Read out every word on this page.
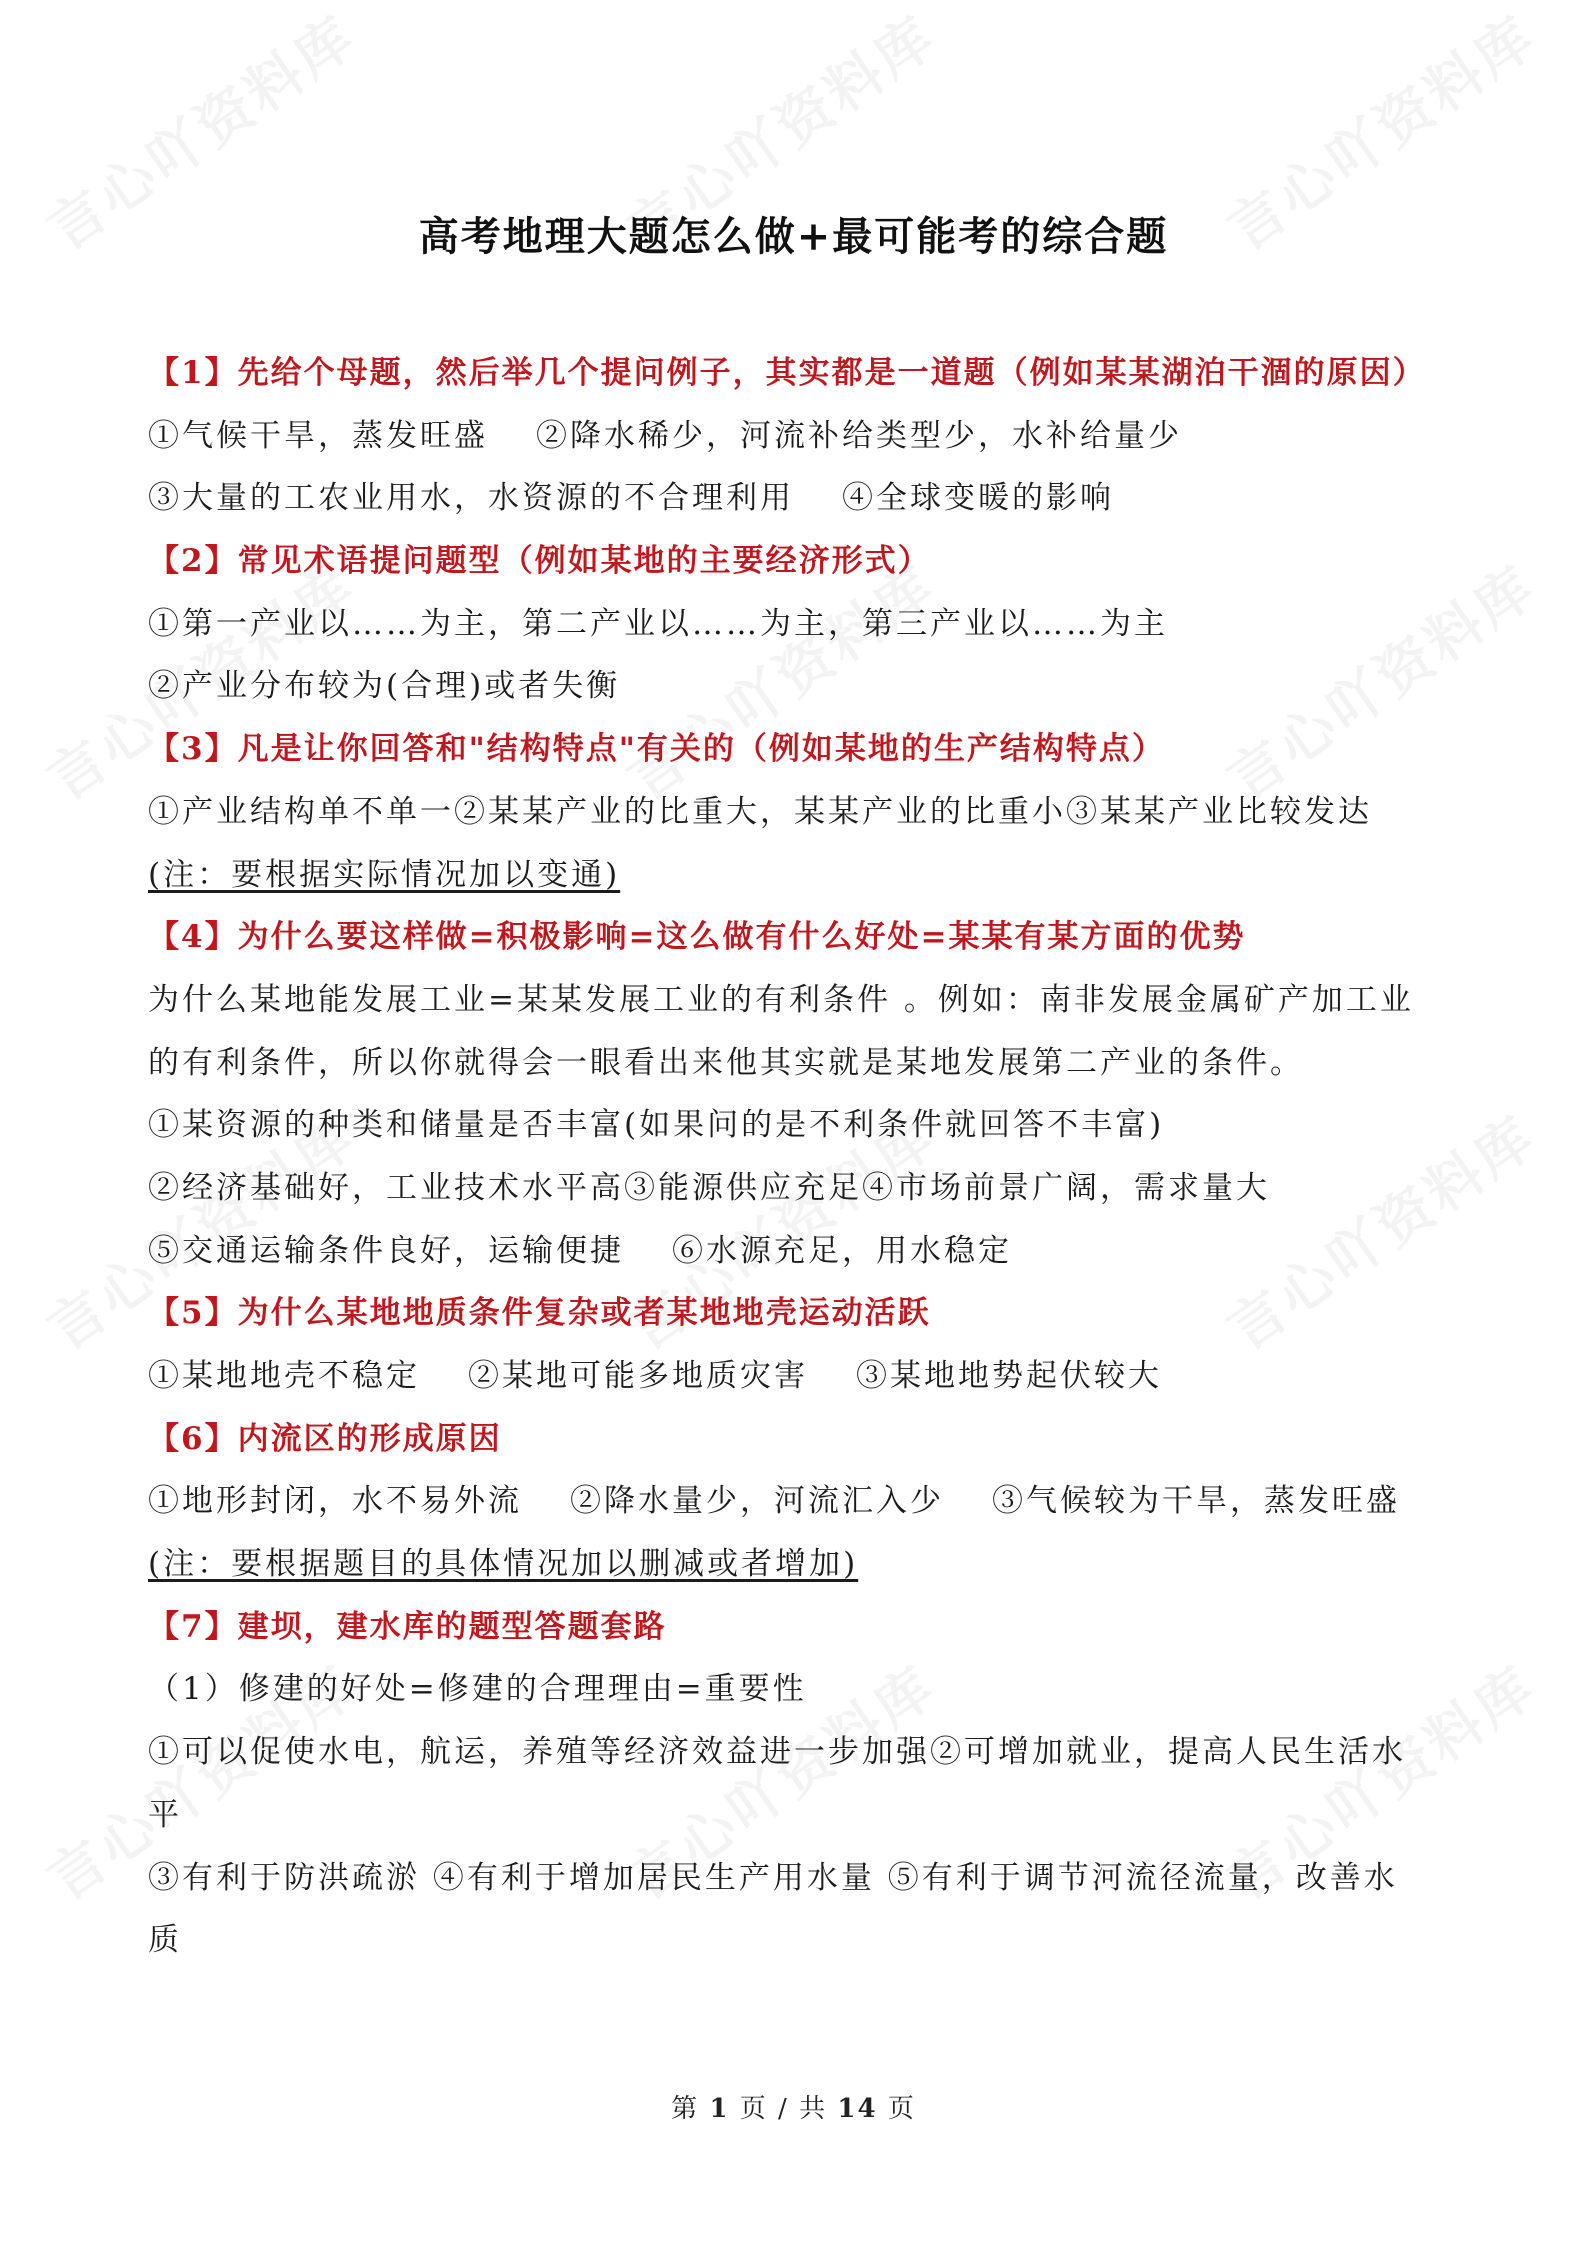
高考地理大题怎么做+最可能考的综合题
【1】先给个母题，然后举几个提问例子，其实都是一道题（例如某某湖泊干涸的原因）
①气候干旱，蒸发旺盛 ②降水稀少，河流补给类型少，水补给量少
③大量的工农业用水，水资源的不合理利用 ④全球变暖的影响
【2】常见术语提问题型（例如某地的主要经济形式）
①第一产业以……为主，第二产业以……为主，第三产业以……为主
②产业分布较为(合理)或者失衡
【3】凡是让你回答和"结构特点"有关的（例如某地的生产结构特点）
①产业结构单不单一②某某产业的比重大，某某产业的比重小③某某产业比较发达
(注：要根据实际情况加以变通)
【4】为什么要这样做=积极影响=这么做有什么好处=某某有某方面的优势
为什么某地能发展工业=某某发展工业的有利条件 。例如：南非发展金属矿产加工业
的有利条件，所以你就得会一眼看出来他其实就是某地发展第二产业的条件。
①某资源的种类和储量是否丰富(如果问的是不利条件就回答不丰富)
②经济基础好，工业技术水平高③能源供应充足④市场前景广阔，需求量大
⑤交通运输条件良好，运输便捷 ⑥水源充足，用水稳定
【5】为什么某地地质条件复杂或者某地地壳运动活跃
①某地地壳不稳定 ②某地可能多地质灾害 ③某地地势起伏较大
【6】内流区的形成原因
①地形封闭，水不易外流 ②降水量少，河流汇入少 ③气候较为干旱，蒸发旺盛
(注：要根据题目的具体情况加以删减或者增加)
【7】建坝，建水库的题型答题套路
（1）修建的好处=修建的合理理由=重要性
①可以促使水电，航运，养殖等经济效益进一步加强②可增加就业，提高人民生活水
平
③有利于防洪疏淤 ④有利于增加居民生产用水量 ⑤有利于调节河流径流量，改善水
质
第 1 页 / 共 14 页
